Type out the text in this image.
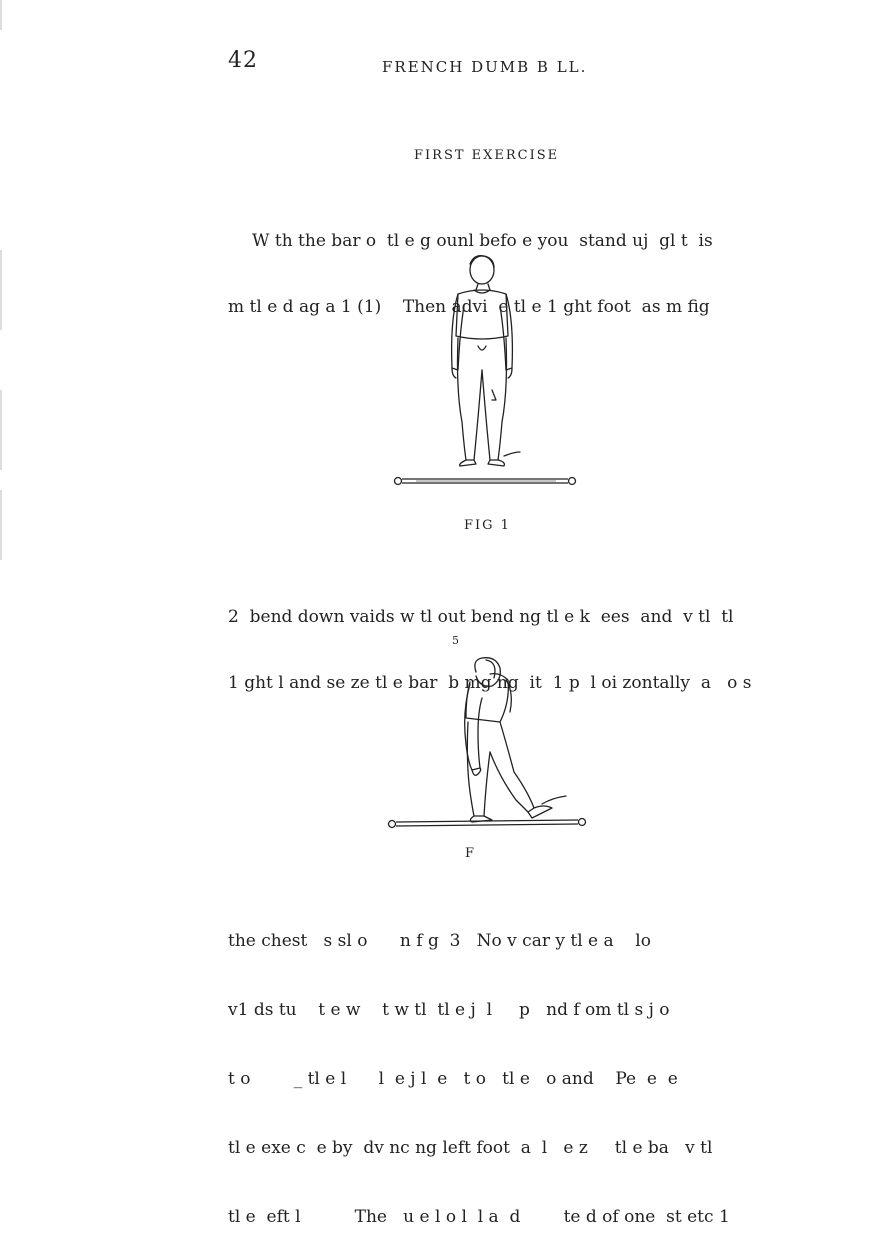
42	FRENCH DUMB B LL.
FIRST EXERCISE

W th the bar o  tl e g ounl befo e you  stand uj  gl t  is

m tl e d ag a 1 (1)    Then advi  e tl e 1 ght foot  as m fig

FIG 1

2  bend down vaids w tl out bend ng tl e k  ees  and  v tl  tl

1 ght l and se ze tl e bar  b mg ng  it  1 p  l oi zontally  a   o s

5
F

the chest   s sl o      n f g  3   No v car y tl e a    lo

v1 ds tu    t e w    t w tl  tl e j  l     p   nd f om tl s j o

t o        _ tl e l      l  e j l  e   t o   tl e   o and    Pe  e  e

tl e exe c  e by  dv nc ng left foot  a  l   e z     tl e ba   v tl

tl e  eft l          The   u e l o l  l a  d        te d of one  st etc 1
